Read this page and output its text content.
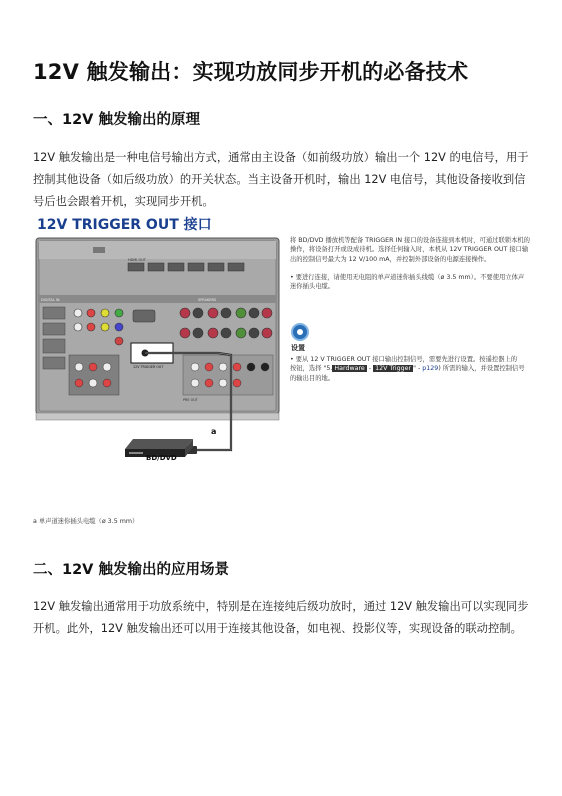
12V 触发输出：实现功放同步开机的必备技术
一、12V 触发输出的原理

12V 触发输出是一种电信号输出方式，通常由主设备（如前级功放）输出一个 12V 的电信号，用于控制其他设备（如后级功放）的开关状态。当主设备开机时，输出 12V 电信号，其他设备接收到信号后也会跟着开机，实现同步开机。

12V TRIGGER OUT 接口
DIGITAL IN	SPEAKERS
HDMI OUT
12V TRIGGER OUT
PRE OUT
a
BD/DVD
将 BD/DVD 播放机等配备 TRIGGER IN 接口的设备连接到本机时，可通过联锁本机的操作，将设备打开或设成待机。选择任何输入时，本机从 12V TRIGGER OUT 接口输出的控制信号最大为 12 V/100 mA，并控制外部设备的电源连接操作。
• 要进行连接，请使用无电阻的单声道迷你插头线缆（ø 3.5 mm）。不要使用立体声迷你插头电缆。
设置
• 要从 12 V TRIGGER OUT 接口输出控制信号，需要先进行设置。按遥控器上的
按钮，选择 "5. Hardware - 12V Trigger " - p129) 所需的输入，并设置控制信号的输出目的地。
a 单声道迷你插头电缆（ø 3.5 mm）
二、12V 触发输出的应用场景

12V 触发输出通常用于功放系统中，特别是在连接纯后级功放时，通过 12V 触发输出可以实现同步开机。此外，12V 触发输出还可以用于连接其他设备，如电视、投影仪等，实现设备的联动控制。
